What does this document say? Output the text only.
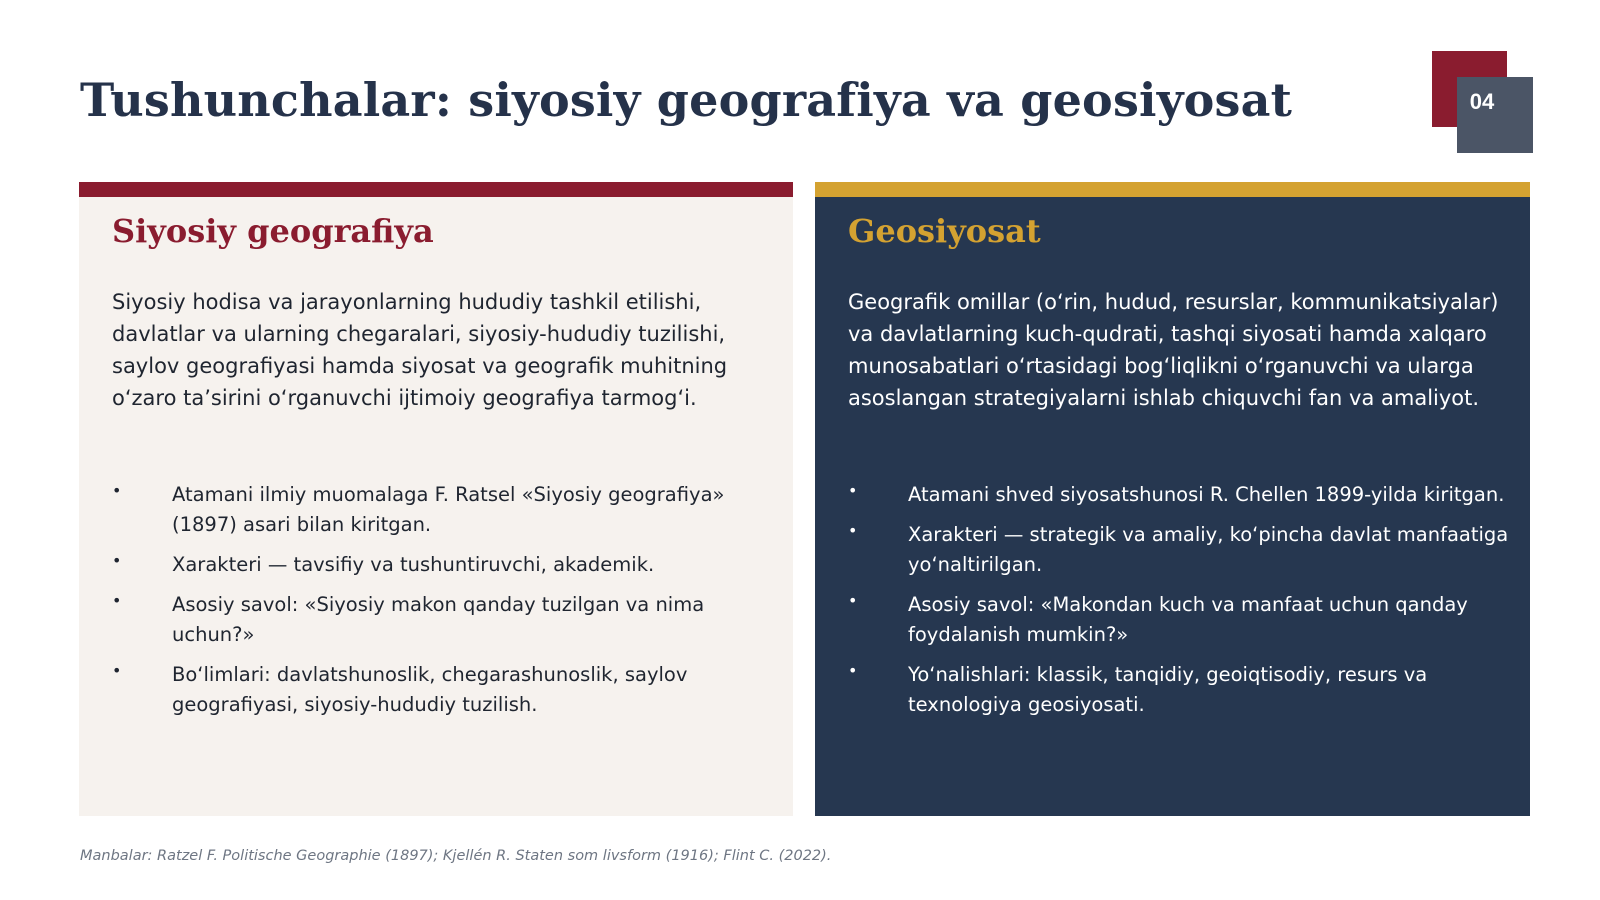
Tushunchalar: siyosiy geografiya va geosiyosat	04
Siyosiy geografiya

Siyosiy hodisa va jarayonlarning hududiy tashkil etilishi, davlatlar va ularning chegaralari, siyosiy-hududiy tuzilishi, saylov geografiyasi hamda siyosat va geografik muhitning o‘zaro ta’sirini o‘rganuvchi ijtimoiy geografiya tarmog‘i.

•	Atamani ilmiy muomalaga F. Ratsel «Siyosiy geografiya» (1897) asari bilan kiritgan.
•	Xarakteri — tavsifiy va tushuntiruvchi, akademik.
•	Asosiy savol: «Siyosiy makon qanday tuzilgan va nima uchun?»
•	Bo‘limlari: davlatshunoslik, chegarashunoslik, saylov geografiyasi, siyosiy-hududiy tuzilish.
Geosiyosat

Geografik omillar (o‘rin, hudud, resurslar, kommunikatsiyalar) va davlatlarning kuch-qudrati, tashqi siyosati hamda xalqaro munosabatlari o‘rtasidagi bog‘liqlikni o‘rganuvchi va ularga asoslangan strategiyalarni ishlab chiquvchi fan va amaliyot.

•	Atamani shved siyosatshunosi R. Chellen 1899-yilda kiritgan.
•	Xarakteri — strategik va amaliy, ko‘pincha davlat manfaatiga yo‘naltirilgan.
•	Asosiy savol: «Makondan kuch va manfaat uchun qanday foydalanish mumkin?»
•	Yo‘nalishlari: klassik, tanqidiy, geoiqtisodiy, resurs va texnologiya geosiyosati.

Manbalar: Ratzel F. Politische Geographie (1897); Kjellén R. Staten som livsform (1916); Flint C. (2022).
